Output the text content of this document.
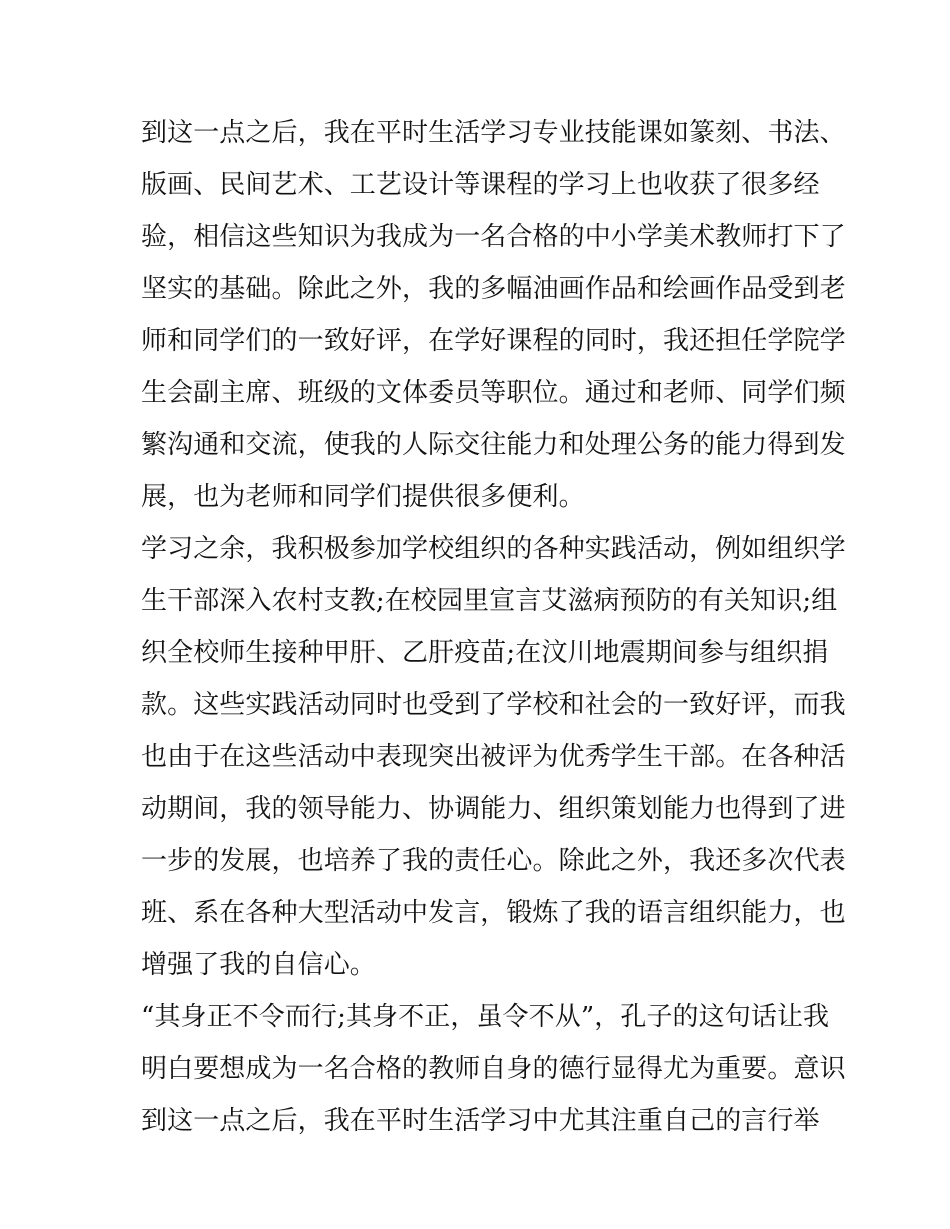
到这一点之后，我在平时生活学习专业技能课如篆刻、书法、
版画、民间艺术、工艺设计等课程的学习上也收获了很多经
验，相信这些知识为我成为一名合格的中小学美术教师打下了
坚实的基础。除此之外，我的多幅油画作品和绘画作品受到老
师和同学们的一致好评，在学好课程的同时，我还担任学院学
生会副主席、班级的文体委员等职位。通过和老师、同学们频
繁沟通和交流，使我的人际交往能力和处理公务的能力得到发
展，也为老师和同学们提供很多便利。
学习之余，我积极参加学校组织的各种实践活动，例如组织学
生干部深入农村支教;在校园里宣言艾滋病预防的有关知识;组
织全校师生接种甲肝、乙肝疫苗;在汶川地震期间参与组织捐
款。这些实践活动同时也受到了学校和社会的一致好评，而我
也由于在这些活动中表现突出被评为优秀学生干部。在各种活
动期间，我的领导能力、协调能力、组织策划能力也得到了进
一步的发展，也培养了我的责任心。除此之外，我还多次代表
班、系在各种大型活动中发言，锻炼了我的语言组织能力，也
增强了我的自信心。
“其身正不令而行;其身不正，虽令不从”，孔子的这句话让我
明白要想成为一名合格的教师自身的德行显得尤为重要。意识
到这一点之后，我在平时生活学习中尤其注重自己的言行举
